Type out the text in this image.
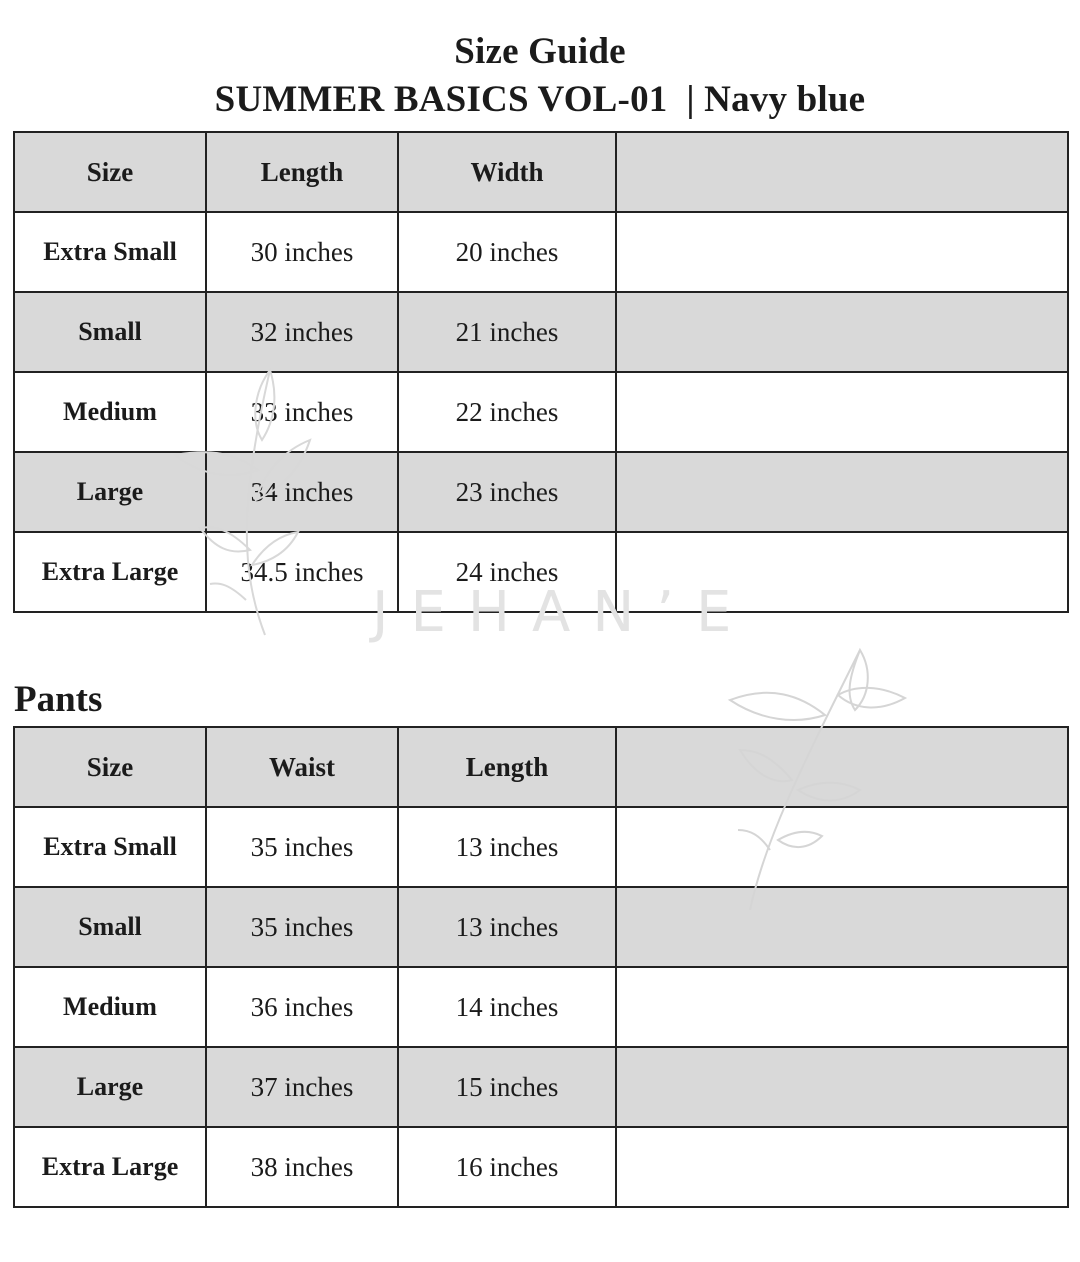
Size Guide
SUMMER BASICS VOL-01  | Navy blue
Size	Length	Width	
Extra Small	30 inches	20 inches	
Small	32 inches	21 inches	
Medium	33 inches	22 inches	
Large	34 inches	23 inches	
Extra Large	34.5 inches	24 inches	
Pants
Size	Waist	Length	
Extra Small	35 inches	13 inches	
Small	35 inches	13 inches	
Medium	36 inches	14 inches	
Large	37 inches	15 inches	
Extra Large	38 inches	16 inches	
JEHAN’E
